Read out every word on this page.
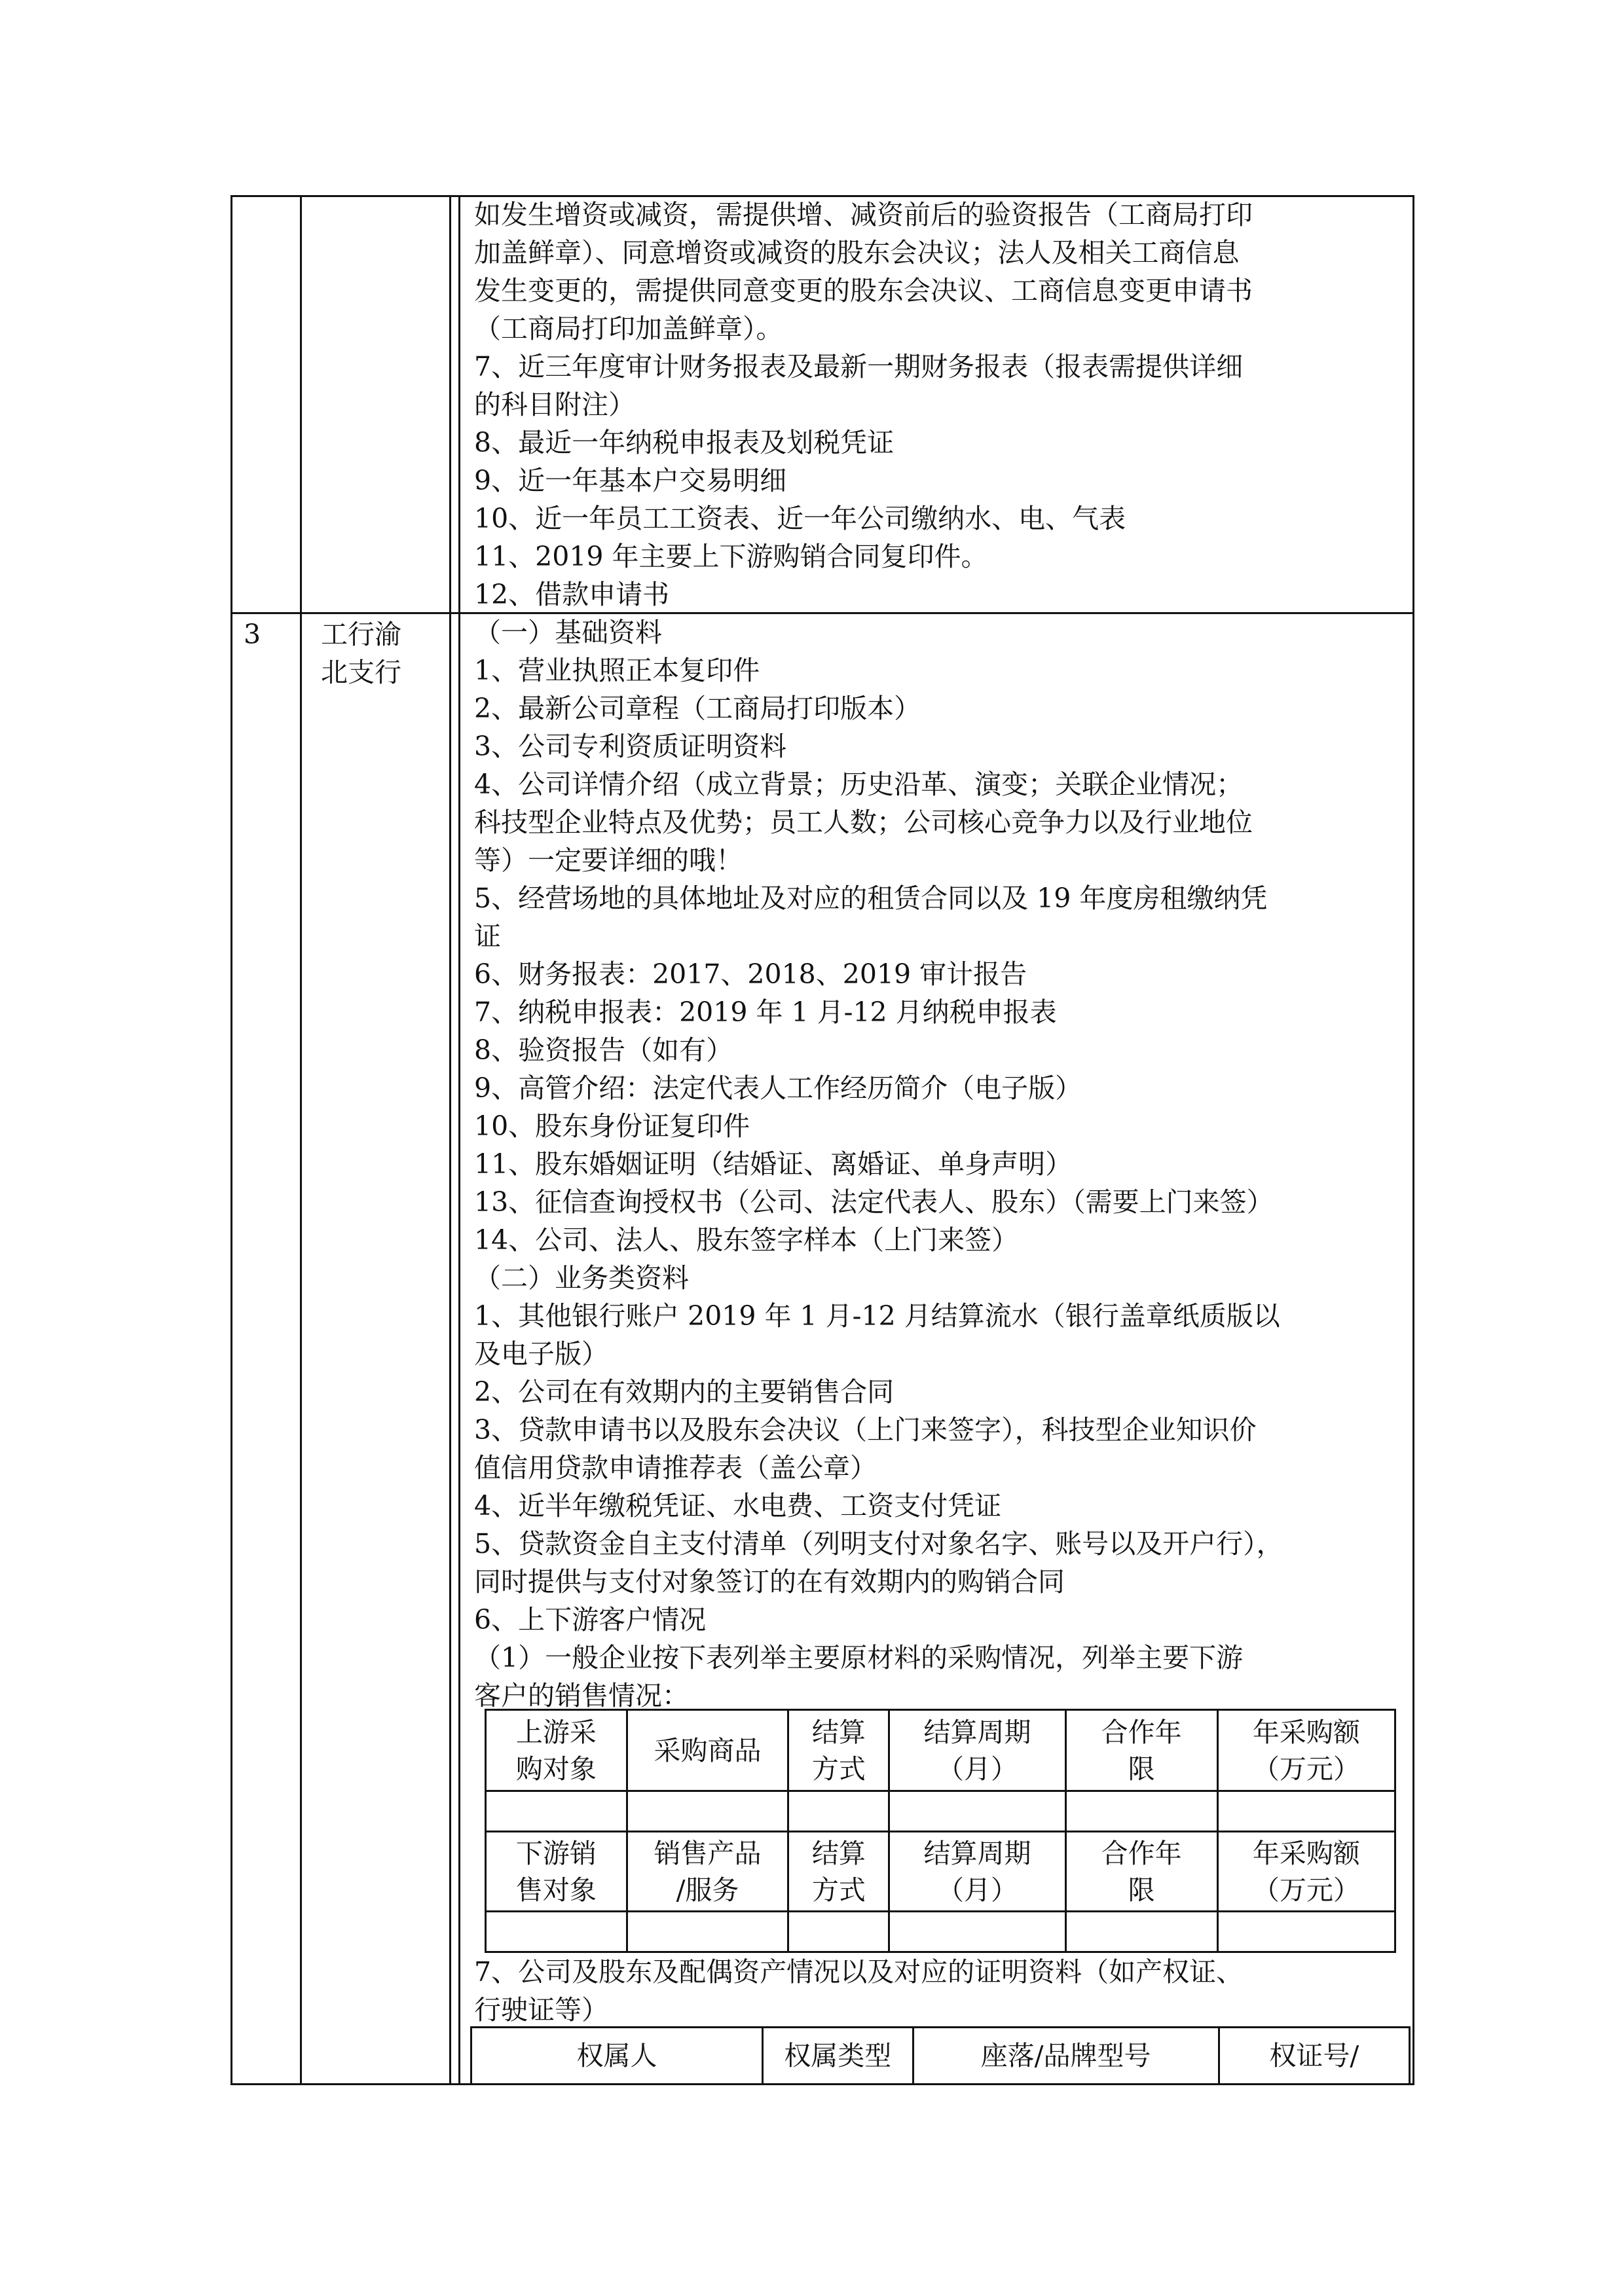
如发生增资或减资，需提供增、减资前后的验资报告（工商局打印
加盖鲜章）、同意增资或减资的股东会决议；法人及相关工商信息
发生变更的，需提供同意变更的股东会决议、工商信息变更申请书
（工商局打印加盖鲜章）。
7、近三年度审计财务报表及最新一期财务报表（报表需提供详细
的科目附注）
8、最近一年纳税申报表及划税凭证
9、近一年基本户交易明细
10、近一年员工工资表、近一年公司缴纳水、电、气表
11、2019 年主要上下游购销合同复印件。
12、借款申请书
3 工行渝
北支行
（一）基础资料
1、营业执照正本复印件
2、最新公司章程（工商局打印版本）
3、公司专利资质证明资料
4、公司详情介绍（成立背景；历史沿革、演变；关联企业情况；
科技型企业特点及优势；员工人数；公司核心竞争力以及行业地位
等）一定要详细的哦！
5、经营场地的具体地址及对应的租赁合同以及 19 年度房租缴纳凭
证
6、财务报表：2017、2018、2019 审计报告
7、纳税申报表：2019 年 1 月-12 月纳税申报表
8、验资报告（如有）
9、高管介绍：法定代表人工作经历简介（电子版）
10、股东身份证复印件
11、股东婚姻证明（结婚证、离婚证、单身声明）
13、征信查询授权书（公司、法定代表人、股东）（需要上门来签）
14、公司、法人、股东签字样本（上门来签）
（二）业务类资料
1、其他银行账户 2019 年 1 月-12 月结算流水（银行盖章纸质版以
及电子版）
2、公司在有效期内的主要销售合同
3、贷款申请书以及股东会决议（上门来签字），科技型企业知识价
值信用贷款申请推荐表（盖公章）
4、近半年缴税凭证、水电费、工资支付凭证
5、贷款资金自主支付清单（列明支付对象名字、账号以及开户行），
同时提供与支付对象签订的在有效期内的购销合同
6、上下游客户情况
（1）一般企业按下表列举主要原材料的采购情况，列举主要下游
客户的销售情况：
上游采
购对象	采购商品	结算
方式	结算周期
（月）	合作年
限	年采购额
（万元）

下游销
售对象	销售产品
/服务	结算
方式	结算周期
（月）	合作年
限	年采购额
（万元）

7、公司及股东及配偶资产情况以及对应的证明资料（如产权证、
行驶证等）
权属人	权属类型	座落/品牌型号	权证号/
